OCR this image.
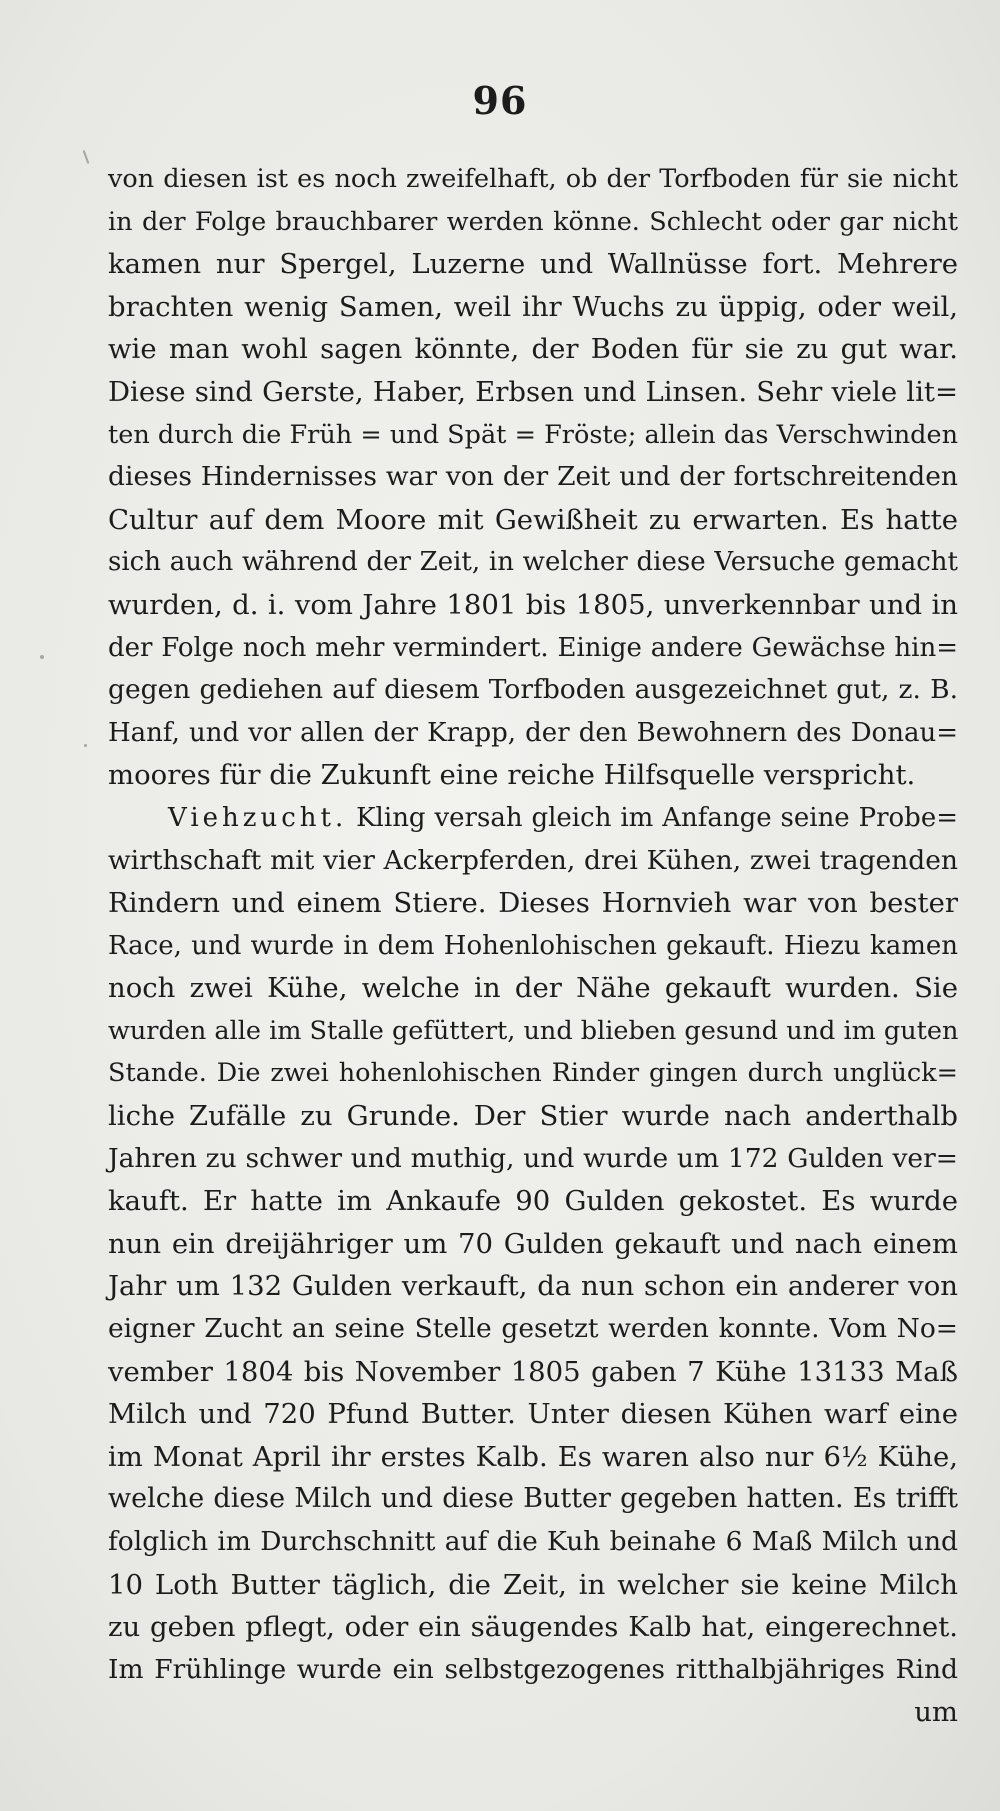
96
von diesen ist es noch zweifelhaft, ob der Torfboden für sie nicht
in der Folge brauchbarer werden könne. Schlecht oder gar nicht
kamen nur Spergel, Luzerne und Wallnüsse fort. Mehrere
brachten wenig Samen, weil ihr Wuchs zu üppig, oder weil,
wie man wohl sagen könnte, der Boden für sie zu gut war.
Diese sind Gerste, Haber, Erbsen und Linsen. Sehr viele lit=
ten durch die Früh = und Spät = Fröste; allein das Verschwinden
dieses Hindernisses war von der Zeit und der fortschreitenden
Cultur auf dem Moore mit Gewißheit zu erwarten. Es hatte
sich auch während der Zeit, in welcher diese Versuche gemacht
wurden, d. i. vom Jahre 1801 bis 1805, unverkennbar und in
der Folge noch mehr vermindert. Einige andere Gewächse hin=
gegen gediehen auf diesem Torfboden ausgezeichnet gut, z. B.
Hanf, und vor allen der Krapp, der den Bewohnern des Donau=
moores für die Zukunft eine reiche Hilfsquelle verspricht.
Viehzucht. Kling versah gleich im Anfange seine Probe=
wirthschaft mit vier Ackerpferden, drei Kühen, zwei tragenden
Rindern und einem Stiere. Dieses Hornvieh war von bester
Race, und wurde in dem Hohenlohischen gekauft. Hiezu kamen
noch zwei Kühe, welche in der Nähe gekauft wurden. Sie
wurden alle im Stalle gefüttert, und blieben gesund und im guten
Stande. Die zwei hohenlohischen Rinder gingen durch unglück=
liche Zufälle zu Grunde. Der Stier wurde nach anderthalb
Jahren zu schwer und muthig, und wurde um 172 Gulden ver=
kauft. Er hatte im Ankaufe 90 Gulden gekostet. Es wurde
nun ein dreijähriger um 70 Gulden gekauft und nach einem
Jahr um 132 Gulden verkauft, da nun schon ein anderer von
eigner Zucht an seine Stelle gesetzt werden konnte. Vom No=
vember 1804 bis November 1805 gaben 7 Kühe 13133 Maß
Milch und 720 Pfund Butter. Unter diesen Kühen warf eine
im Monat April ihr erstes Kalb. Es waren also nur 6½ Kühe,
welche diese Milch und diese Butter gegeben hatten. Es trifft
folglich im Durchschnitt auf die Kuh beinahe 6 Maß Milch und
10 Loth Butter täglich, die Zeit, in welcher sie keine Milch
zu geben pflegt, oder ein säugendes Kalb hat, eingerechnet.
Im Frühlinge wurde ein selbstgezogenes ritthalbjähriges Rind
um
